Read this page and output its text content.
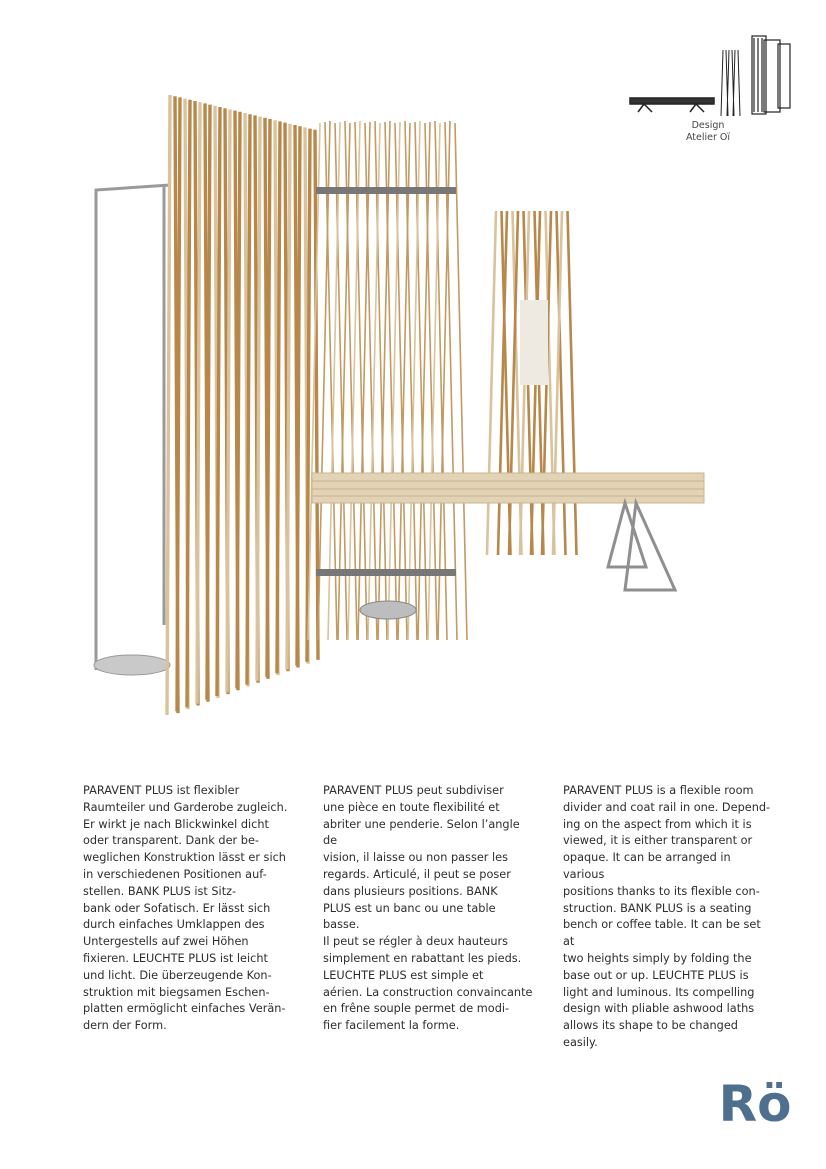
Design
Atelier Oï
PARAVENT PLUS ist flexibler
Raumteiler und Garderobe zugleich.
Er wirkt je nach Blickwinkel dicht
oder transparent. Dank der be-
weglichen Konstruktion lässt er sich
in verschiedenen Positionen auf-
stellen. BANK PLUS ist Sitz-
bank oder Sofatisch. Er lässt sich
durch einfaches Umklappen des
Untergestells auf zwei Höhen
fixieren. LEUCHTE PLUS ist leicht
und licht. Die überzeugende Kon-
struktion mit biegsamen Eschen-
platten ermöglicht einfaches Verän-
dern der Form.
PARAVENT PLUS peut subdiviser
une pièce en toute flexibilité et
abriter une penderie. Selon l’angle de
vision, il laisse ou non passer les
regards. Articulé, il peut se poser
dans plusieurs positions. BANK
PLUS est un banc ou une table basse.
Il peut se régler à deux hauteurs
simplement en rabattant les pieds.
LEUCHTE PLUS est simple et
aérien. La construction convaincante
en frêne souple permet de modi-
fier facilement la forme.
PARAVENT PLUS is a flexible room
divider and coat rail in one. Depend-
ing on the aspect from which it is
viewed, it is either transparent or
opaque. It can be arranged in various
positions thanks to its flexible con-
struction. BANK PLUS is a seating
bench or coffee table. It can be set at
two heights simply by folding the
base out or up. LEUCHTE PLUS is
light and luminous. Its compelling
design with pliable ashwood laths
allows its shape to be changed easily.
Rö
